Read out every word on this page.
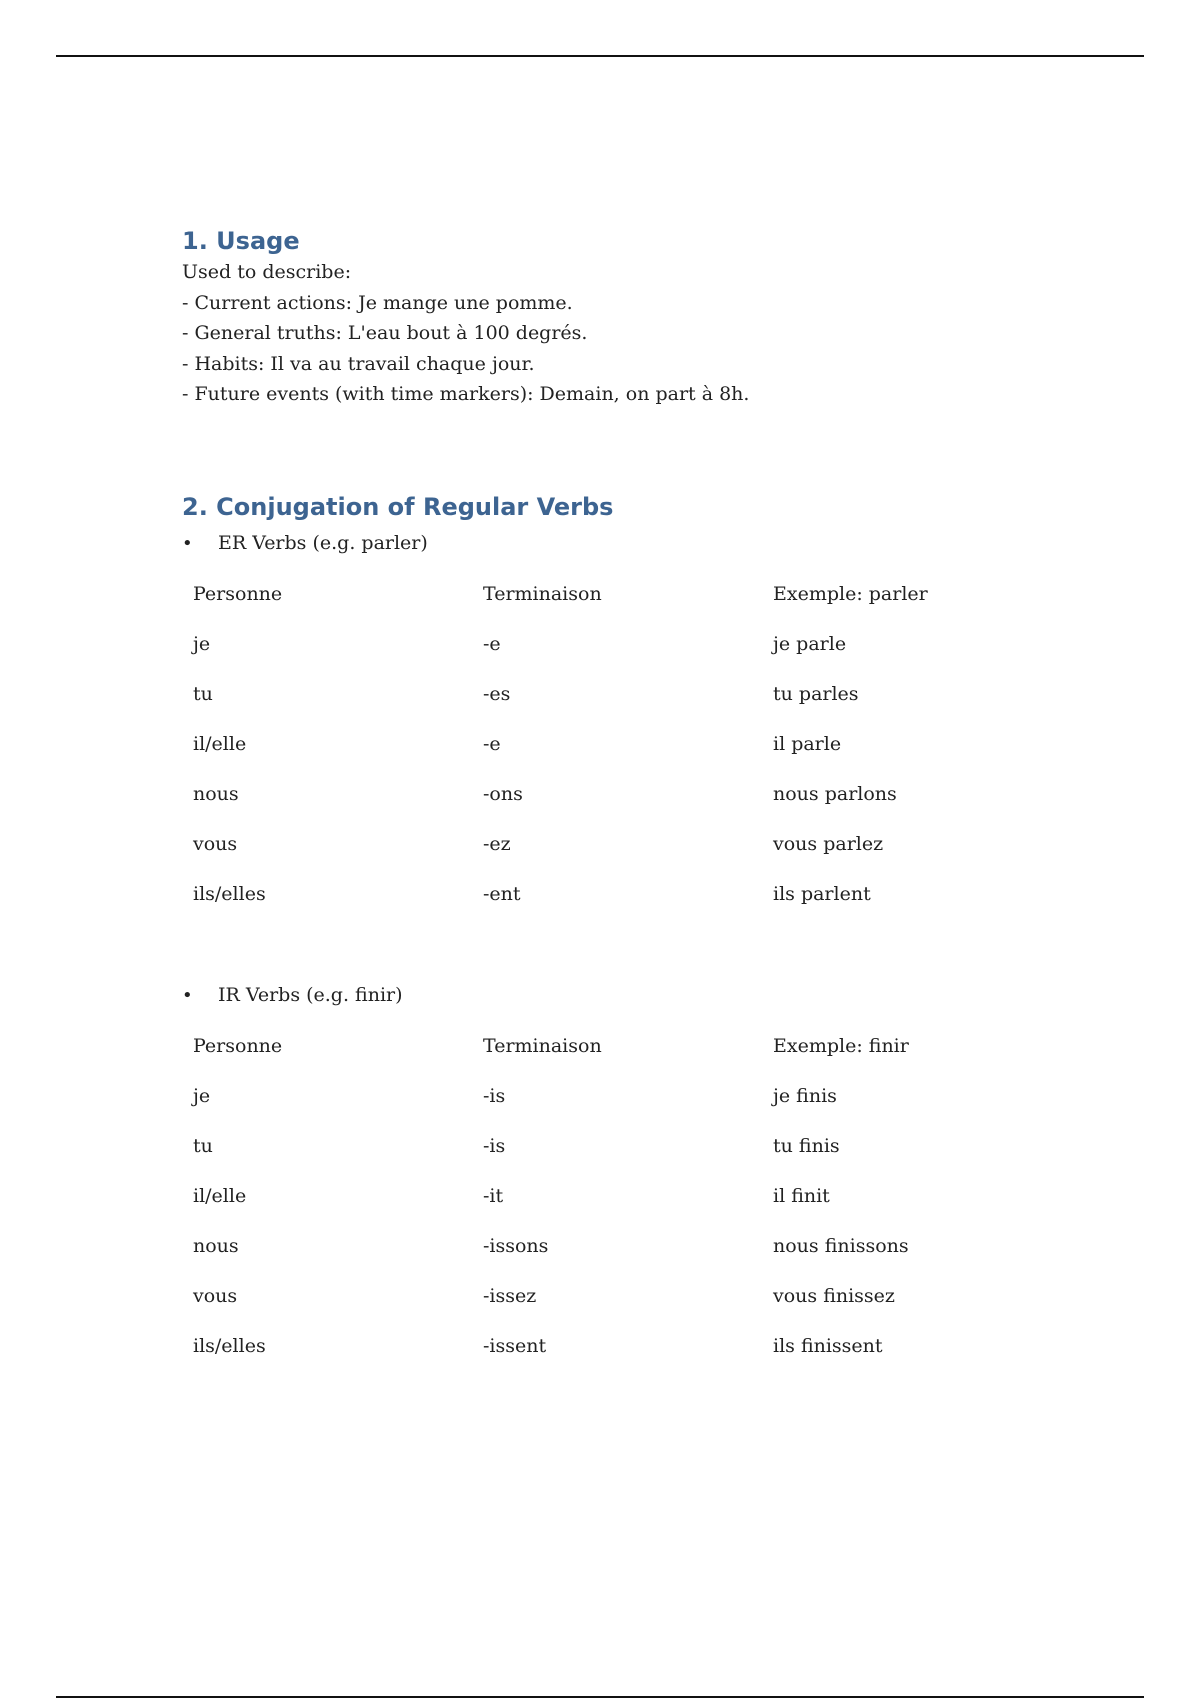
1. Usage

Used to describe:

- Current actions: Je mange une pomme.

- General truths: L'eau bout à 100 degrés.

- Habits: Il va au travail chaque jour.

- Future events (with time markers): Demain, on part à 8h.

2. Conjugation of Regular Verbs
•	ER Verbs (e.g. parler)
Personne	Terminaison	Exemple: parler
je	-e	je parle
tu	-es	tu parles
il/elle	-e	il parle
nous	-ons	nous parlons
vous	-ez	vous parlez
ils/elles	-ent	ils parlent
•	IR Verbs (e.g. finir)
Personne	Terminaison	Exemple: finir
je	-is	je finis
tu	-is	tu finis
il/elle	-it	il finit
nous	-issons	nous finissons
vous	-issez	vous finissez
ils/elles	-issent	ils finissent
